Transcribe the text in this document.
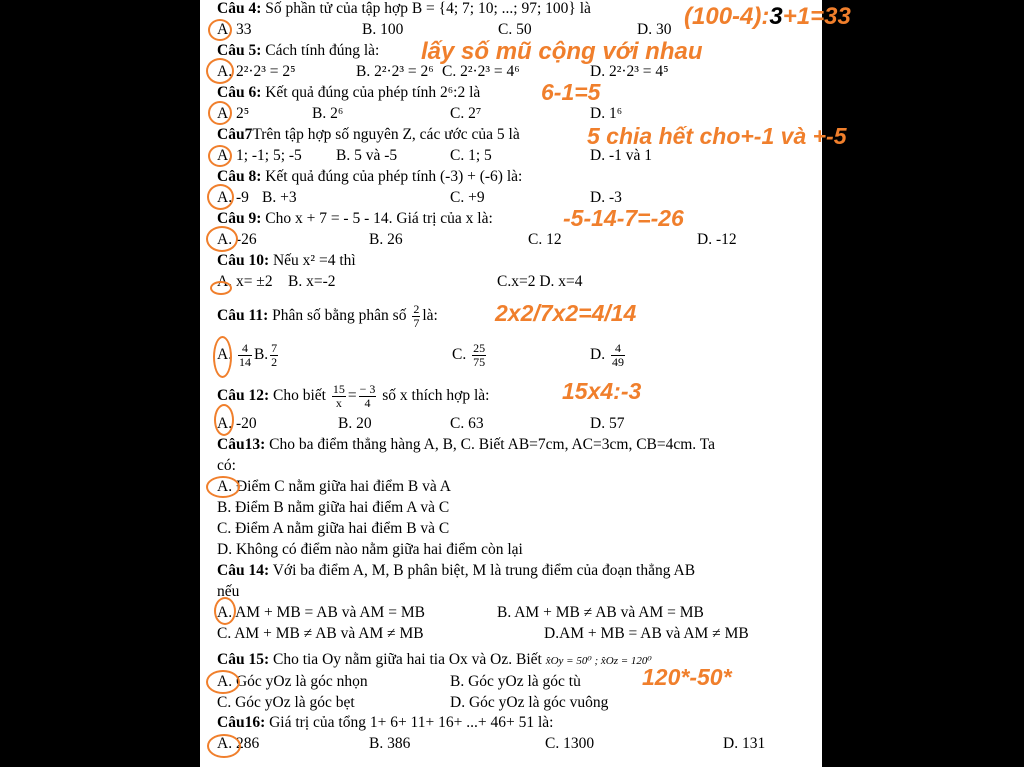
Câu 4: Số phần tử của tập hợp B = {4; 7; 10; ...; 97; 100} là
A. 33	B. 100	C. 50	D. 30
Câu 5: Cách tính đúng là:
A. 2²·2³ = 2⁵	B. 2²·2³ = 2⁶ C. 2²·2³ = 4⁶	D. 2²·2³ = 4⁵
Câu 6: Kết quả đúng của phép tính 2⁶:2 là
A. 2⁵	B. 2⁶	C. 2⁷	D. 1⁶
Câu7Trên tập hợp số nguyên Z, các ước của 5 là
A. 1; -1; 5; -5 B. 5 và -5	C. 1; 5	D. -1 và 1
Câu 8: Kết quả đúng của phép tính (-3) + (-6) là:
A. -9 B. +3	C. +9	D. -3
Câu 9: Cho x + 7 = - 5 - 14. Giá trị của x là:
A. -26	B. 26	C. 12	D. -12
Câu 10: Nếu x² =4 thì
A. x= ±2 B. x=-2	C.x=2 D. x=4
Câu 11: Phân số bằng phân số $\frac{2}{7}$ là:
A. $\frac{4}{14} B$. $\frac{7}{2}$	C. $\frac{25}{75}$	D. $\frac{4}{49}$
Câu 12: Cho biết $\frac{15}{x} = \frac{- 3}{4}$ số x thích hợp là:
A. -20	B. 20	C. 63	D. 57
Câu13: Cho ba điểm thẳng hàng A, B, C. Biết AB=7cm, AC=3cm, CB=4cm. Ta
có:
A. Điểm C nằm giữa hai điểm B và A
B. Điểm B nằm giữa hai điểm A và C
C. Điểm A nằm giữa hai điểm B và C
D. Không có điểm nào nằm giữa hai điểm còn lại
Câu 14: Với ba điểm A, M, B phân biệt, M là trung điểm của đoạn thẳng AB
nếu
A. AM + MB = AB và AM = MB	B. AM + MB ≠ AB và AM = MB
C. AM + MB ≠ AB và AM ≠ MB	D.AM + MB = AB và AM ≠ MB
Câu 15: Cho tia Oy nằm giữa hai tia Ox và Oz. Biết x̂Oy = 50⁰ ; x̂Oz = 120⁰
A. Góc yOz là góc nhọn	B. Góc yOz là góc tù
C. Góc yOz là góc bẹt	D. Góc yOz là góc vuông
Câu16: Giá trị của tổng 1+ 6+ 11+ 16+ ...+ 46+ 51 là:
A. 286	B. 386	C. 1300	D. 131
(100-4):3+1=33
lấy số mũ cộng với nhau
6-1=5
5 chia hết cho+-1 và +-5
-5-14-7=-26
2x2/7x2=4/14
15x4:-3
120*-50*
